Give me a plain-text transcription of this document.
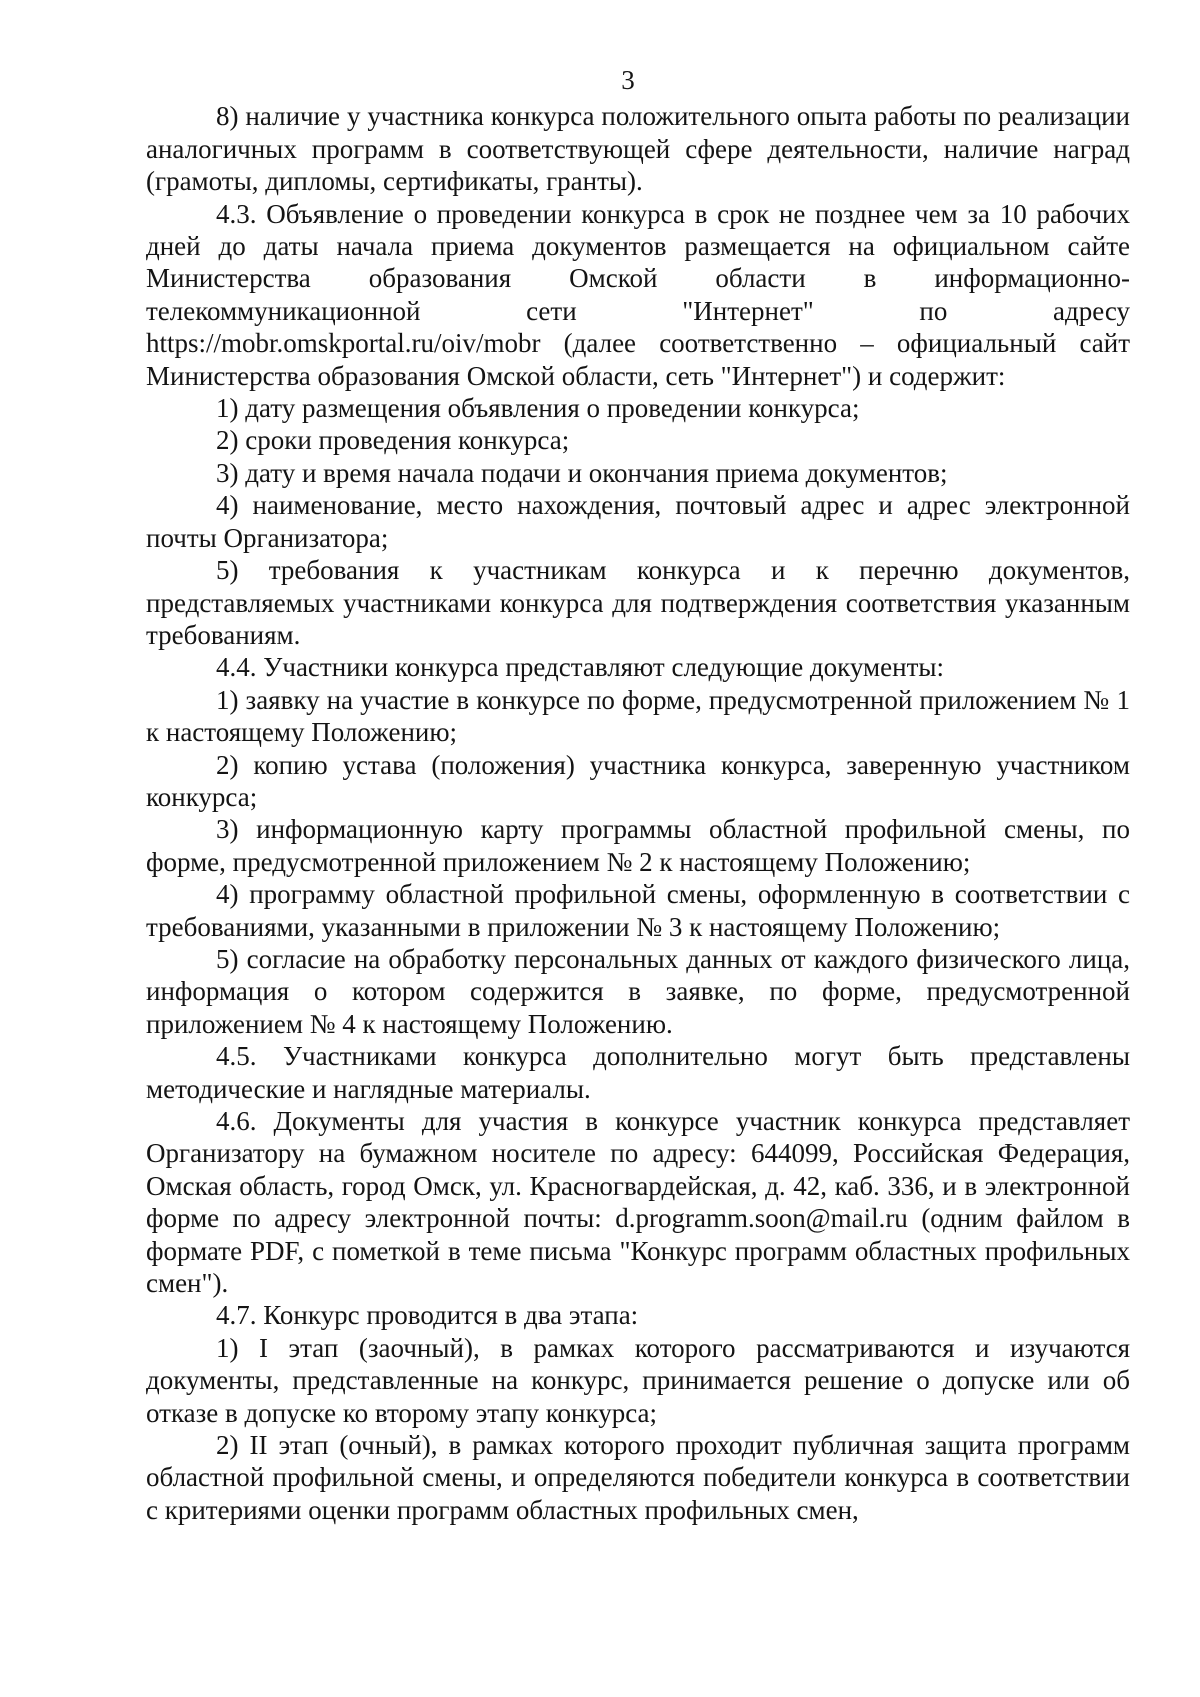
3

8) наличие у участника конкурса положительного опыта работы по реализации аналогичных программ в соответствующей сфере деятельности, наличие наград (грамоты, дипломы, сертификаты, гранты).

4.3. Объявление о проведении конкурса в срок не позднее чем за 10 рабочих дней до даты начала приема документов размещается на официальном сайте Министерства образования Омской области в информационно-телекоммуникационной сети "Интернет" по адресу https://mobr.omskportal.ru/oiv/mobr (далее соответственно – официальный сайт Министерства образования Омской области, сеть "Интернет") и содержит:

1) дату размещения объявления о проведении конкурса;

2) сроки проведения конкурса;

3) дату и время начала подачи и окончания приема документов;

4) наименование, место нахождения, почтовый адрес и адрес электронной почты Организатора;

5) требования к участникам конкурса и к перечню документов, представляемых участниками конкурса для подтверждения соответствия указанным требованиям.

4.4. Участники конкурса представляют следующие документы:

1) заявку на участие в конкурсе по форме, предусмотренной приложением № 1 к настоящему Положению;

2) копию устава (положения) участника конкурса, заверенную участником конкурса;

3) информационную карту программы областной профильной смены, по форме, предусмотренной приложением № 2 к настоящему Положению;

4) программу областной профильной смены, оформленную в соответствии с требованиями, указанными в приложении № 3 к настоящему Положению;

5) согласие на обработку персональных данных от каждого физического лица, информация о котором содержится в заявке, по форме, предусмотренной приложением № 4 к настоящему Положению.

4.5. Участниками конкурса дополнительно могут быть представлены методические и наглядные материалы.

4.6. Документы для участия в конкурсе участник конкурса представляет Организатору на бумажном носителе по адресу: 644099, Российская Федерация, Омская область, город Омск, ул. Красногвардейская, д. 42, каб. 336, и в электронной форме по адресу электронной почты: d.programm.soon@mail.ru (одним файлом в формате PDF, с пометкой в теме письма "Конкурс программ областных профильных смен").

4.7. Конкурс проводится в два этапа:

1) I этап (заочный), в рамках которого рассматриваются и изучаются документы, представленные на конкурс, принимается решение о допуске или об отказе в допуске ко второму этапу конкурса;

2) II этап (очный), в рамках которого проходит публичная защита программ областной профильной смены, и определяются победители конкурса в соответствии с критериями оценки программ областных профильных смен,
